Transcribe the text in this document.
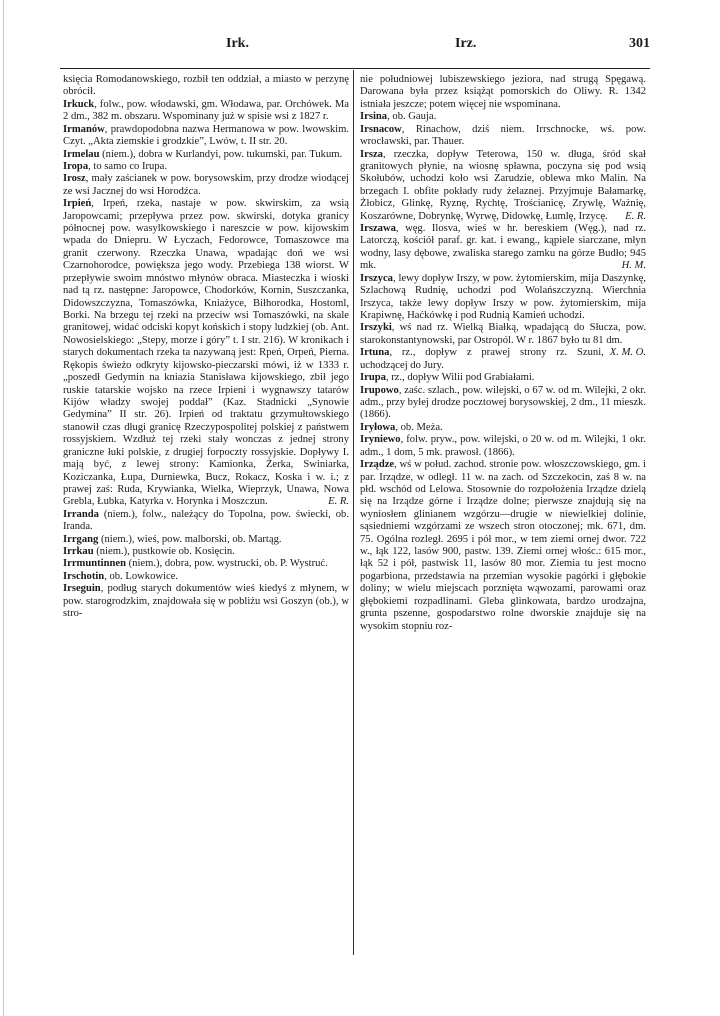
Irk.	Irz.	301

księcia Romodanowskiego, rozbił ten oddział, a miasto w perzynę obrócił.

Irkuck, folw., pow. włodawski, gm. Włodawa, par. Orchówek. Ma 2 dm., 382 m. obszaru. Wspominany już w spisie wsi z 1827 r.

Irmanów, prawdopodobna nazwa Hermanowa w pow. lwowskim. Czyt. „Akta ziemskie i grodzkie”, Lwów, t. II str. 20.

Irmelau (niem.), dobra w Kurlandyi, pow. tukumski, par. Tukum.

Iropa, to samo co Irupa.

Irosz, mały zaścianek w pow. borysowskim, przy drodze wiodącej ze wsi Jacznej do wsi Horodźca.

Irpień, Irpeń, rzeka, nastaje w pow. skwirskim, za wsią Jaropowcami; przepływa przez pow. skwirski, dotyka granicy północnej pow. wasylkowskiego i nareszcie w pow. kijowskim wpada do Dniepru. W Łyczach, Fedorowce, Tomaszowce ma granit czerwony. Rzeczka Unawa, wpadając doń we wsi Czarnohorodce, powiększa jego wody. Przebiega 138 wiorst. W przepływie swoim mnóstwo młynów obraca. Miasteczka i wioski nad tą rz. następne: Jaropowce, Chodorków, Kornin, Suszczanka, Didowszczyzna, Tomaszówka, Kniażyce, Biłhorodka, Hostoml, Borki. Na brzegu tej rzeki na przeciw wsi Tomaszówki, na skale granitowej, widać odciski kopyt końskich i stopy ludzkiej (ob. Ant. Nowosielskiego: „Stepy, morze i góry” t. I str. 216). W kronikach i starych dokumentach rzeka ta nazywaną jest: Rpeń, Orpeń, Pierna. Rękopis świeżo odkryty kijowsko-pieczarski mówi, iż w 1333 r. „poszedł Gedymin na kniazia Stanisława kijowskiego, zbił jego ruskie tatarskie wojsko na rzece Irpieni i wygnawszy tatarów Kijów władzy swojej poddał” (Kaz. Stadnicki „Synowie Gedymina” II str. 26). Irpień od traktatu grzymułtowskiego stanowił czas długi granicę Rzeczypospolitej polskiej z państwem rossyjskiem. Wzdłuż tej rzeki stały wonczas z jednej strony graniczne łuki polskie, z drugiej forpoczty rossyjskie. Dopływy I. mają być, z lewej strony: Kamionka, Żerka, Swiniarka, Koziczanka, Łupa, Durniewka, Bucz, Rokacz, Koska i w. i.; z prawej zaś: Ruda, Krywianka, Wielka, Wieprzyk, Unawa, Nowa Grebla, Łubka, Katyrka v. Horynka i Moszczun.	E. R.

Irranda (niem.), folw., należący do Topolna, pow. świecki, ob. Iranda.

Irrgang (niem.), wieś, pow. malborski, ob. Martąg.

Irrkau (niem.), pustkowie ob. Kosięcin.

Irrmuntinnen (niem.), dobra, pow. wystrucki, ob. P. Wystruć.

Irschotin, ob. Lowkowice.

Irseguin, podług starych dokumentów wieś kiedyś z młynem, w pow. starogrodzkim, znajdowała się w pobliżu wsi Goszyn (ob.), w stro-

nie południowej lubiszewskiego jeziora, nad strugą Spęgawą. Darowana była przez książąt pomorskich do Oliwy. R. 1342 istniała jeszcze; potem więcej nie wspominana.

Irsina, ob. Gauja.

Irsnacow, Rinachow, dziś niem. Irrschnocke, wś. pow. wrocławski, par. Thauer.

Irsza, rzeczka, dopływ Teterowa, 150 w. długa, śród skał granitowych płynie, na wiosnę spławna, poczyna się pod wsią Skołubów, uchodzi koło wsi Zarudzie, oblewa mko Malin. Na brzegach I. obfite pokłady rudy żelaznej. Przyjmuje Bałamarkę, Żłobicz, Glinkę, Ryznę, Rychtę, Trościanicę, Zrywlę, Ważnię, Koszarówne, Dobrynkę, Wyrwę, Didowkę, Łumlę, Irzycę.	E. R.

Irszawa, węg. Ilosva, wieś w hr. bereskiem (Węg.), nad rz. Latorczą, kościół paraf. gr. kat. i ewang., kąpiele siarczane, młyn wodny, lasy dębowe, zwaliska starego zamku na górze Budło; 945 mk.	H. M.

Irszyca, lewy dopływ Irszy, w pow. żytomierskim, mija Daszynkę, Szlachową Rudnię, uchodzi pod Wolańszczyzną. Wierchnia Irszyca, także lewy dopływ Irszy w pow. żytomierskim, mija Krapiwnę, Haćkówkę i pod Rudnią Kamień uchodzi.

Irszyki, wś nad rz. Wielką Białką, wpadającą do Słucza, pow. starokonstantynowski, par Ostropól. W r. 1867 było tu 81 dm.
X. M. O.

Irtuna, rz., dopływ z prawej strony rz. Szuni, uchodzącej do Jury.

Irupa, rz., dopływ Wilii pod Grabiałami.

Irupowo, zaśc. szlach., pow. wilejski, o 67 w. od m. Wilejki, 2 okr. adm., przy byłej drodze pocztowej borysowskiej, 2 dm., 11 mieszk. (1866).

Iryłowa, ob. Meża.

Iryniewo, folw. pryw., pow. wilejski, o 20 w. od m. Wilejki, 1 okr. adm., 1 dom, 5 mk. prawosł. (1866).

Irządze, wś w połud. zachod. stronie pow. włoszczowskiego, gm. i par. Irządze, w odległ. 11 w. na zach. od Szczekocin, zaś 8 w. na płd. wschód od Lelowa. Stosownie do rozpołożenia Irządze dzielą się na Irządze górne i Irządze dolne; pierwsze znajdują się na wyniosłem glinianem wzgórzu—drugie w niewielkiej dolinie, sąsiedniemi wzgórzami ze wszech stron otoczonej; mk. 671, dm. 75. Ogólna rozległ. 2695 i pół mor., w tem ziemi ornej dwor. 722 w., łąk 122, lasów 900, pastw. 139. Ziemi ornej włośc.: 615 mor., łąk 52 i pół, pastwisk 11, lasów 80 mor. Ziemia tu jest mocno pogarbiona, przedstawia na przemian wysokie pagórki i głębokie doliny; w wielu miejscach porznięta wąwozami, parowami oraz głębokiemi rozpadlinami. Gleba glinkowata, bardzo urodzajna, grunta pszenne, gospodarstwo rolne dworskie znajduje się na wysokim stopniu roz-
